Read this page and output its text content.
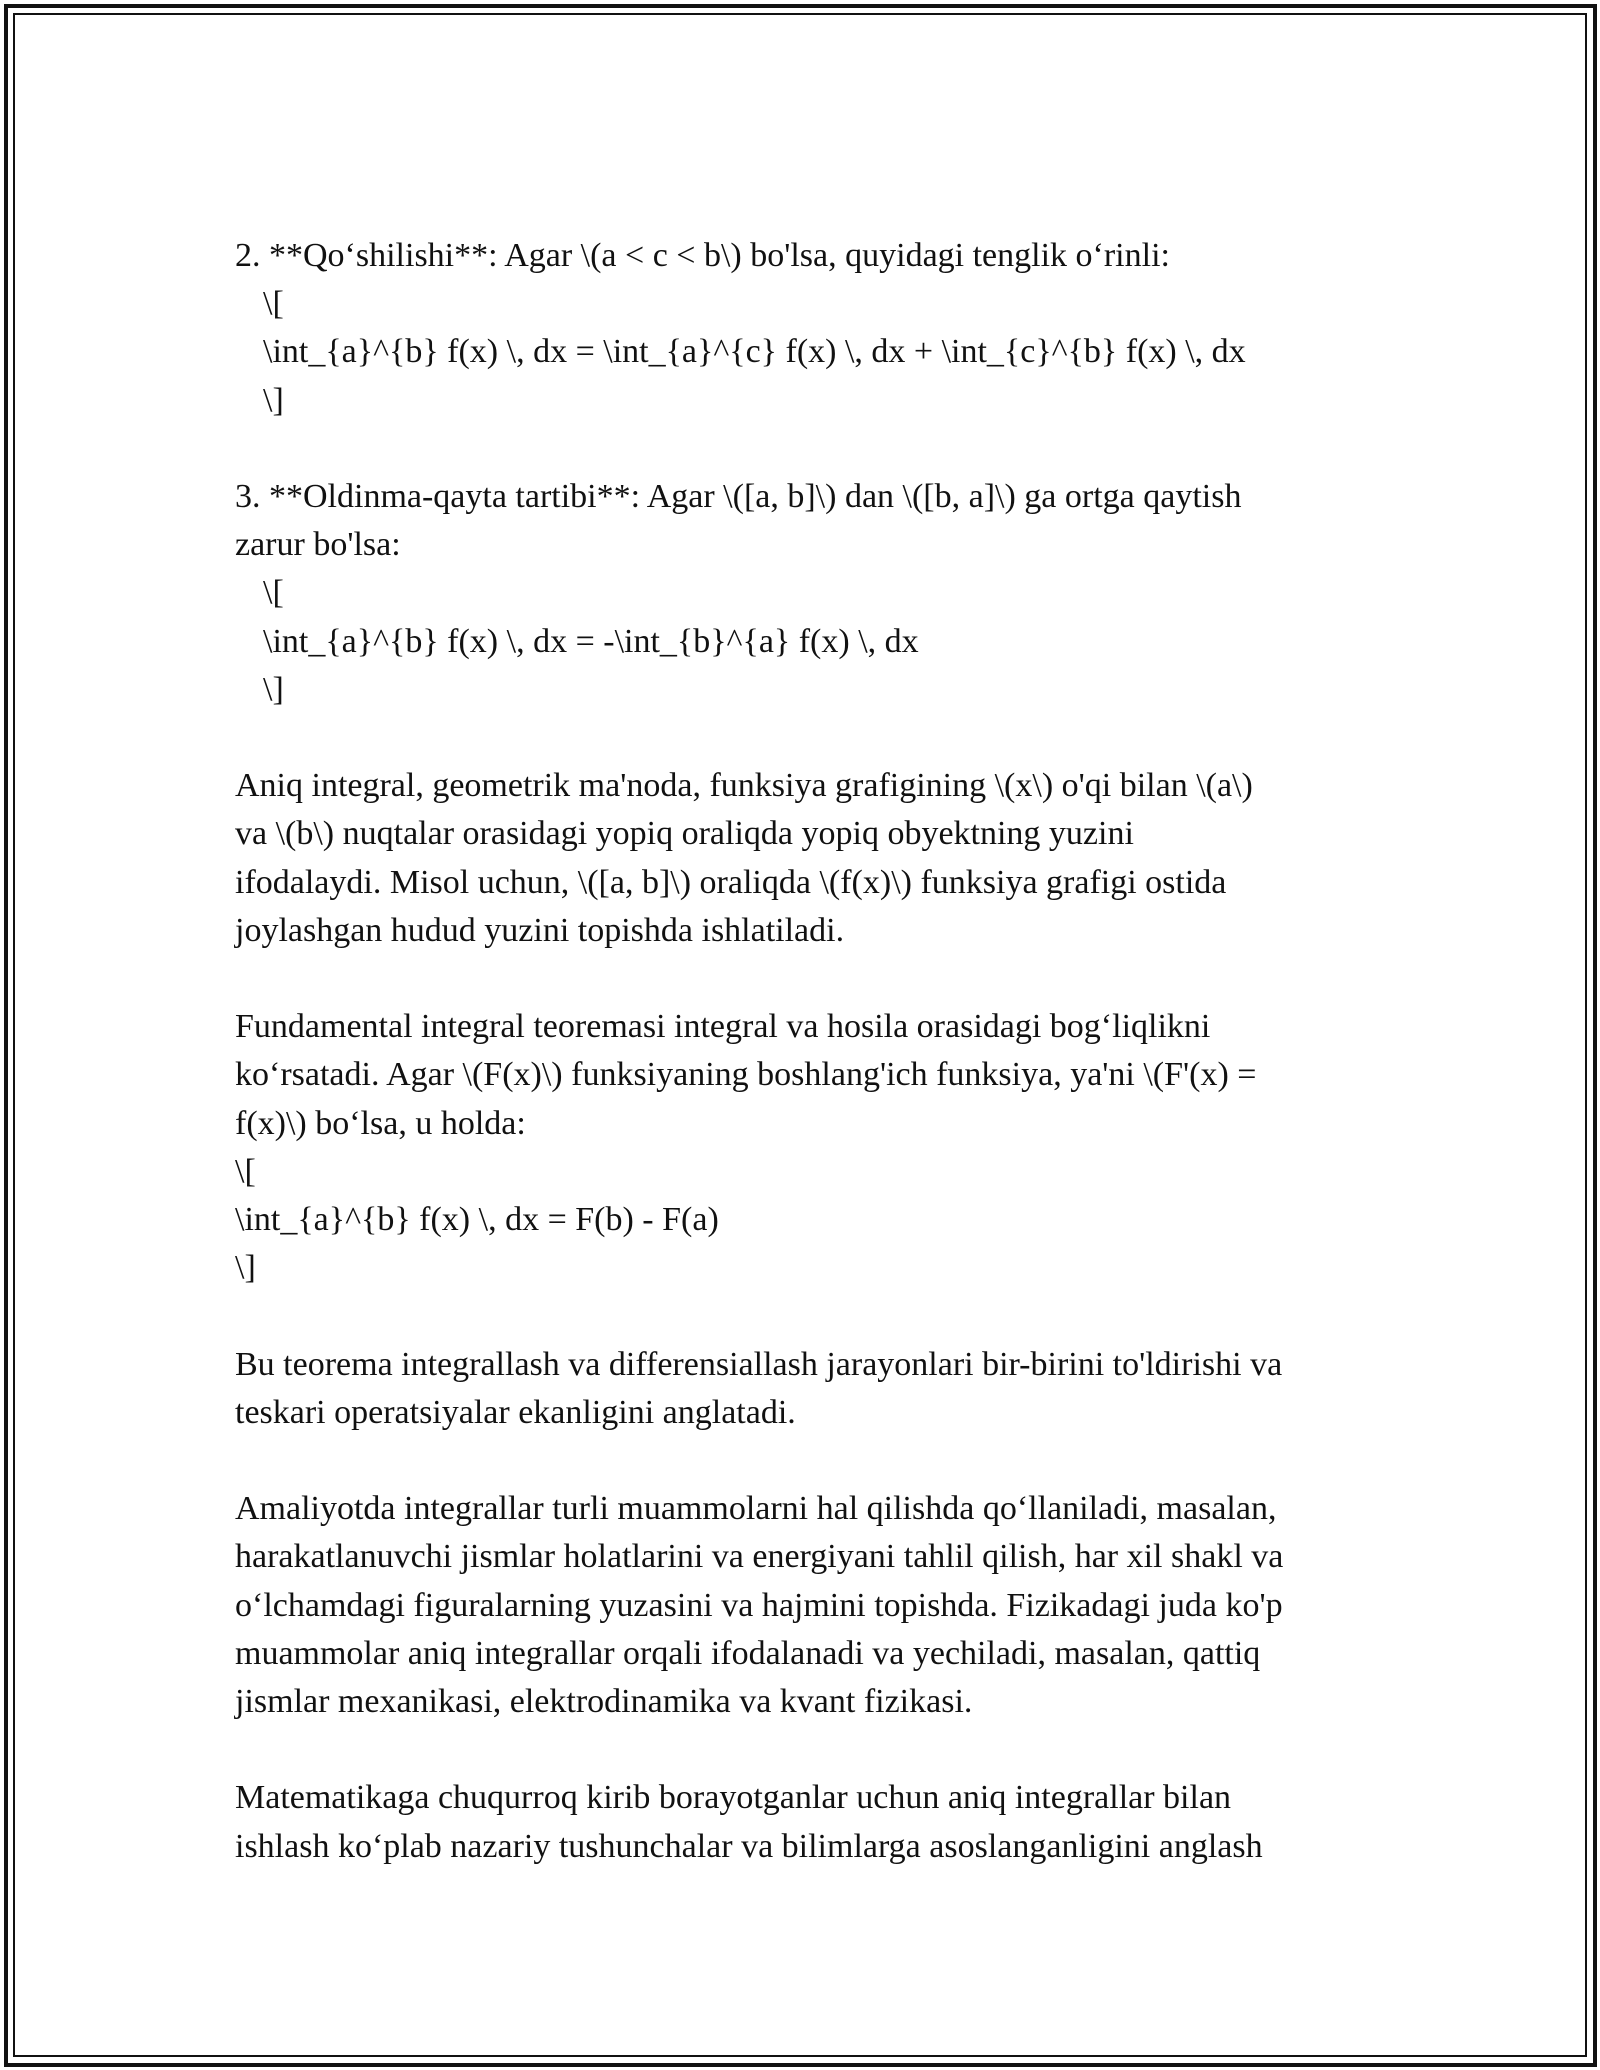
2. **Qo‘shilishi**: Agar \(a < c < b\) bo'lsa, quyidagi tenglik o‘rinli:
\[
\int_{a}^{b} f(x) \, dx = \int_{a}^{c} f(x) \, dx + \int_{c}^{b} f(x) \, dx
\]
3. **Oldinma-qayta tartibi**: Agar \([a, b]\) dan \([b, a]\) ga ortga qaytish
zarur bo'lsa:
\[
\int_{a}^{b} f(x) \, dx = -\int_{b}^{a} f(x) \, dx
\]
Aniq integral, geometrik ma'noda, funksiya grafigining \(x\) o'qi bilan \(a\)
va \(b\) nuqtalar orasidagi yopiq oraliqda yopiq obyektning yuzini
ifodalaydi. Misol uchun, \([a, b]\) oraliqda \(f(x)\) funksiya grafigi ostida
joylashgan hudud yuzini topishda ishlatiladi.
Fundamental integral teoremasi integral va hosila orasidagi bog‘liqlikni
ko‘rsatadi. Agar \(F(x)\) funksiyaning boshlang'ich funksiya, ya'ni \(F'(x) =
f(x)\) bo‘lsa, u holda:
\[
\int_{a}^{b} f(x) \, dx = F(b) - F(a)
\]
Bu teorema integrallash va differensiallash jarayonlari bir-birini to'ldirishi va
teskari operatsiyalar ekanligini anglatadi.
Amaliyotda integrallar turli muammolarni hal qilishda qo‘llaniladi, masalan,
harakatlanuvchi jismlar holatlarini va energiyani tahlil qilish, har xil shakl va
o‘lchamdagi figuralarning yuzasini va hajmini topishda. Fizikadagi juda ko'p
muammolar aniq integrallar orqali ifodalanadi va yechiladi, masalan, qattiq
jismlar mexanikasi, elektrodinamika va kvant fizikasi.
Matematikaga chuqurroq kirib borayotganlar uchun aniq integrallar bilan
ishlash ko‘plab nazariy tushunchalar va bilimlarga asoslanganligini anglash
